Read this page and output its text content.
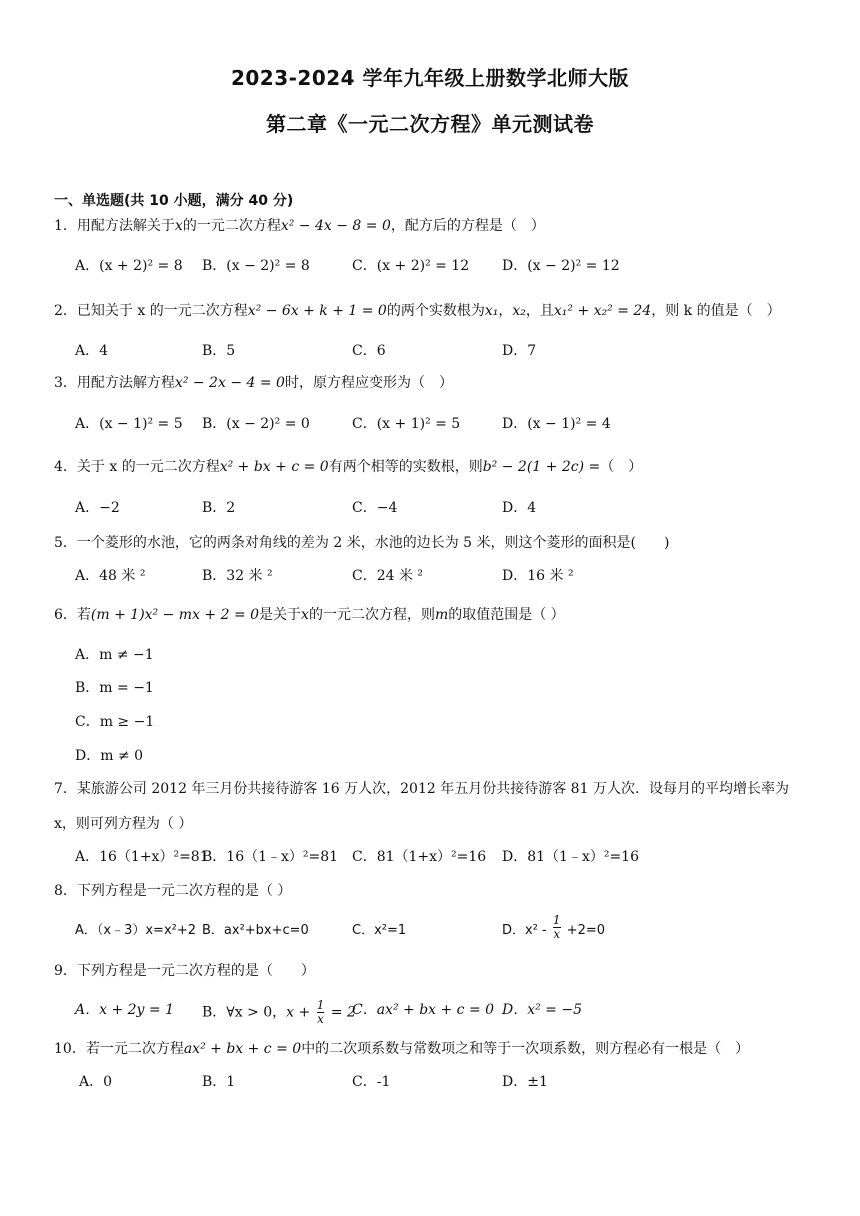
2023-2024 学年九年级上册数学北师大版
第二章《一元二次方程》单元测试卷
一、单选题(共 10 小题，满分 40 分)
1．用配方法解关于x的一元二次方程x² − 4x − 8 = 0，配方后的方程是（　）
A．(x + 2)² = 8 B．(x − 2)² = 8	C．(x + 2)² = 12 D．(x − 2)² = 12
2．已知关于 x 的一元二次方程x² − 6x + k + 1 = 0的两个实数根为x₁，x₂，且x₁² + x₂² = 24，则 k 的值是（　）
A．4	B．5	C．6	D．7
3．用配方法解方程x² − 2x − 4 = 0时，原方程应变形为（　）
A．(x − 1)² = 5 B．(x − 2)² = 0	C．(x + 1)² = 5	D．(x − 1)² = 4
4．关于 x 的一元二次方程x² + bx + c = 0有两个相等的实数根，则b² − 2(1 + 2c) =（　）
A．−2	B．2	C．−4	D．4
5．一个菱形的水池，它的两条对角线的差为 2 米，水池的边长为 5 米，则这个菱形的面积是(　　)
A．48 米 ²	B．32 米 ²	C．24 米 ²	D．16 米 ²
6．若(m + 1)x² − mx + 2 = 0是关于x的一元二次方程，则m的取值范围是（ ）
A．m ≠ −1
B．m = −1
C．m ≥ −1
D．m ≠ 0
7．某旅游公司 2012 年三月份共接待游客 16 万人次，2012 年五月份共接待游客 81 万人次．设每月的平均增长率为
x，则可列方程为（ ）
A．16（1+x）²=81
B．16（1﹣x）²=81 C．81（1+x）²=16 D．81（1﹣x）²=16
8．下列方程是一元二次方程的是（ ）
A．（x﹣3）x=x²+2 B．ax²+bx+c=0	C．x²=1	D．$x^2 - \frac{1}{x} +2=0$
9．下列方程是一元二次方程的是（　　）
A．x + 2y = 1 B．∀x > 0，$x + \frac{1}{x} = 2$
C．ax² + bx + c = 0 D．x² = −5
10．若一元二次方程ax² + bx + c = 0中的二次项系数与常数项之和等于一次项系数，则方程必有一根是（　）
A．0	B．1	C．-1	D．±1
